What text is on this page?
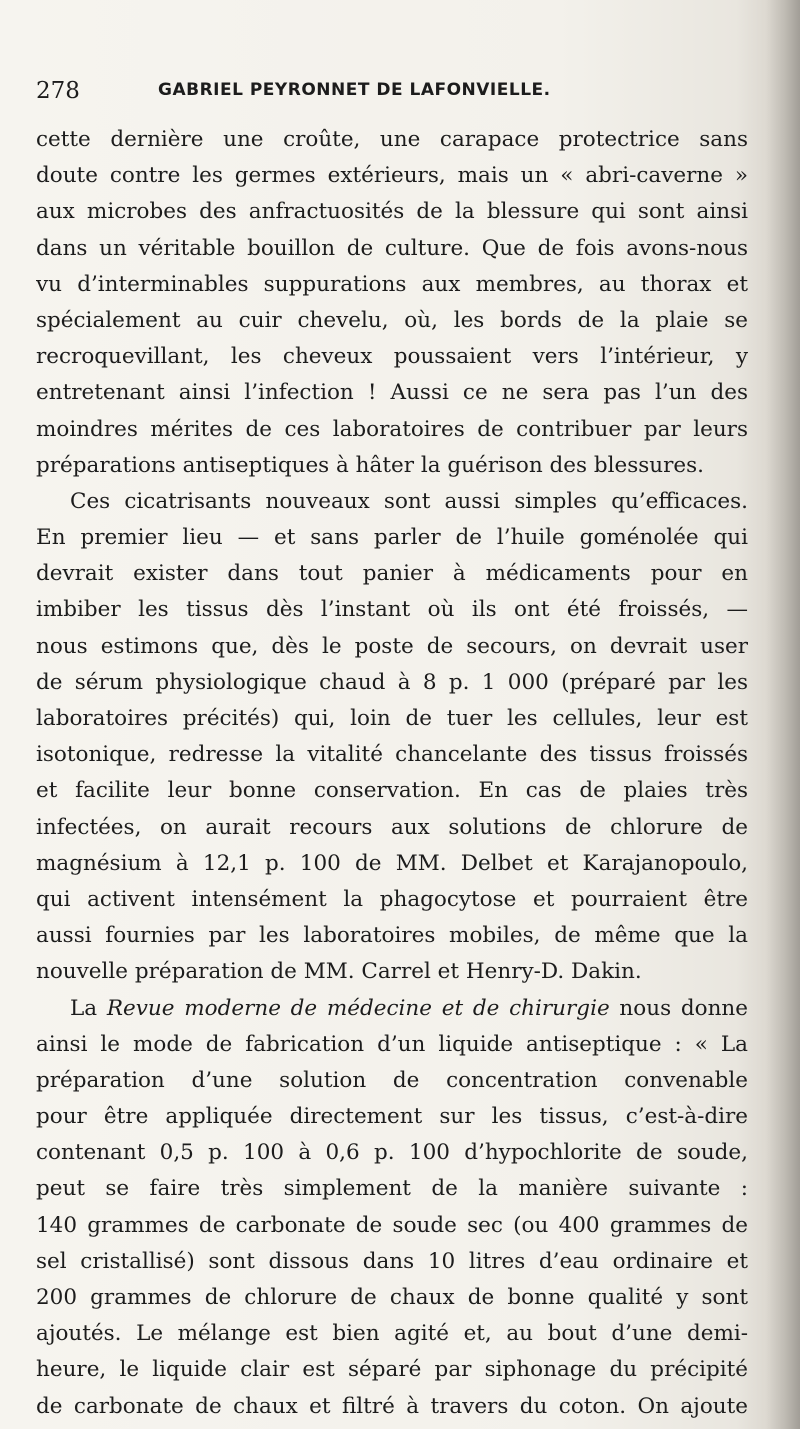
278	GABRIEL PEYRONNET DE LAFONVIELLE.
cette dernière une croûte, une carapace protectrice sans
doute contre les germes extérieurs, mais un « abri-caverne »
aux microbes des anfractuosités de la blessure qui sont ainsi
dans un véritable bouillon de culture. Que de fois avons-nous
vu d’interminables suppurations aux membres, au thorax et
spécialement au cuir chevelu, où, les bords de la plaie se
recroquevillant, les cheveux poussaient vers l’intérieur, y
entretenant ainsi l’infection ! Aussi ce ne sera pas l’un des
moindres mérites de ces laboratoires de contribuer par leurs
préparations antiseptiques à hâter la guérison des blessures.
Ces cicatrisants nouveaux sont aussi simples qu’efficaces.
En premier lieu — et sans parler de l’huile goménolée qui
devrait exister dans tout panier à médicaments pour en
imbiber les tissus dès l’instant où ils ont été froissés, —
nous estimons que, dès le poste de secours, on devrait user
de sérum physiologique chaud à 8 p. 1 000 (préparé par les
laboratoires précités) qui, loin de tuer les cellules, leur est
isotonique, redresse la vitalité chancelante des tissus froissés
et facilite leur bonne conservation. En cas de plaies très
infectées, on aurait recours aux solutions de chlorure de
magnésium à 12,1 p. 100 de MM. Delbet et Karajanopoulo,
qui activent intensément la phagocytose et pourraient être
aussi fournies par les laboratoires mobiles, de même que la
nouvelle préparation de MM. Carrel et Henry-D. Dakin.
La Revue moderne de médecine et de chirurgie nous donne
ainsi le mode de fabrication d’un liquide antiseptique : « La
préparation d’une solution de concentration convenable
pour être appliquée directement sur les tissus, c’est-à-dire
contenant 0,5 p. 100 à 0,6 p. 100 d’hypochlorite de soude,
peut se faire très simplement de la manière suivante :
140 grammes de carbonate de soude sec (ou 400 grammes de
sel cristallisé) sont dissous dans 10 litres d’eau ordinaire et
200 grammes de chlorure de chaux de bonne qualité y sont
ajoutés. Le mélange est bien agité et, au bout d’une demi-
heure, le liquide clair est séparé par siphonage du précipité
de carbonate de chaux et filtré à travers du coton. On ajoute
